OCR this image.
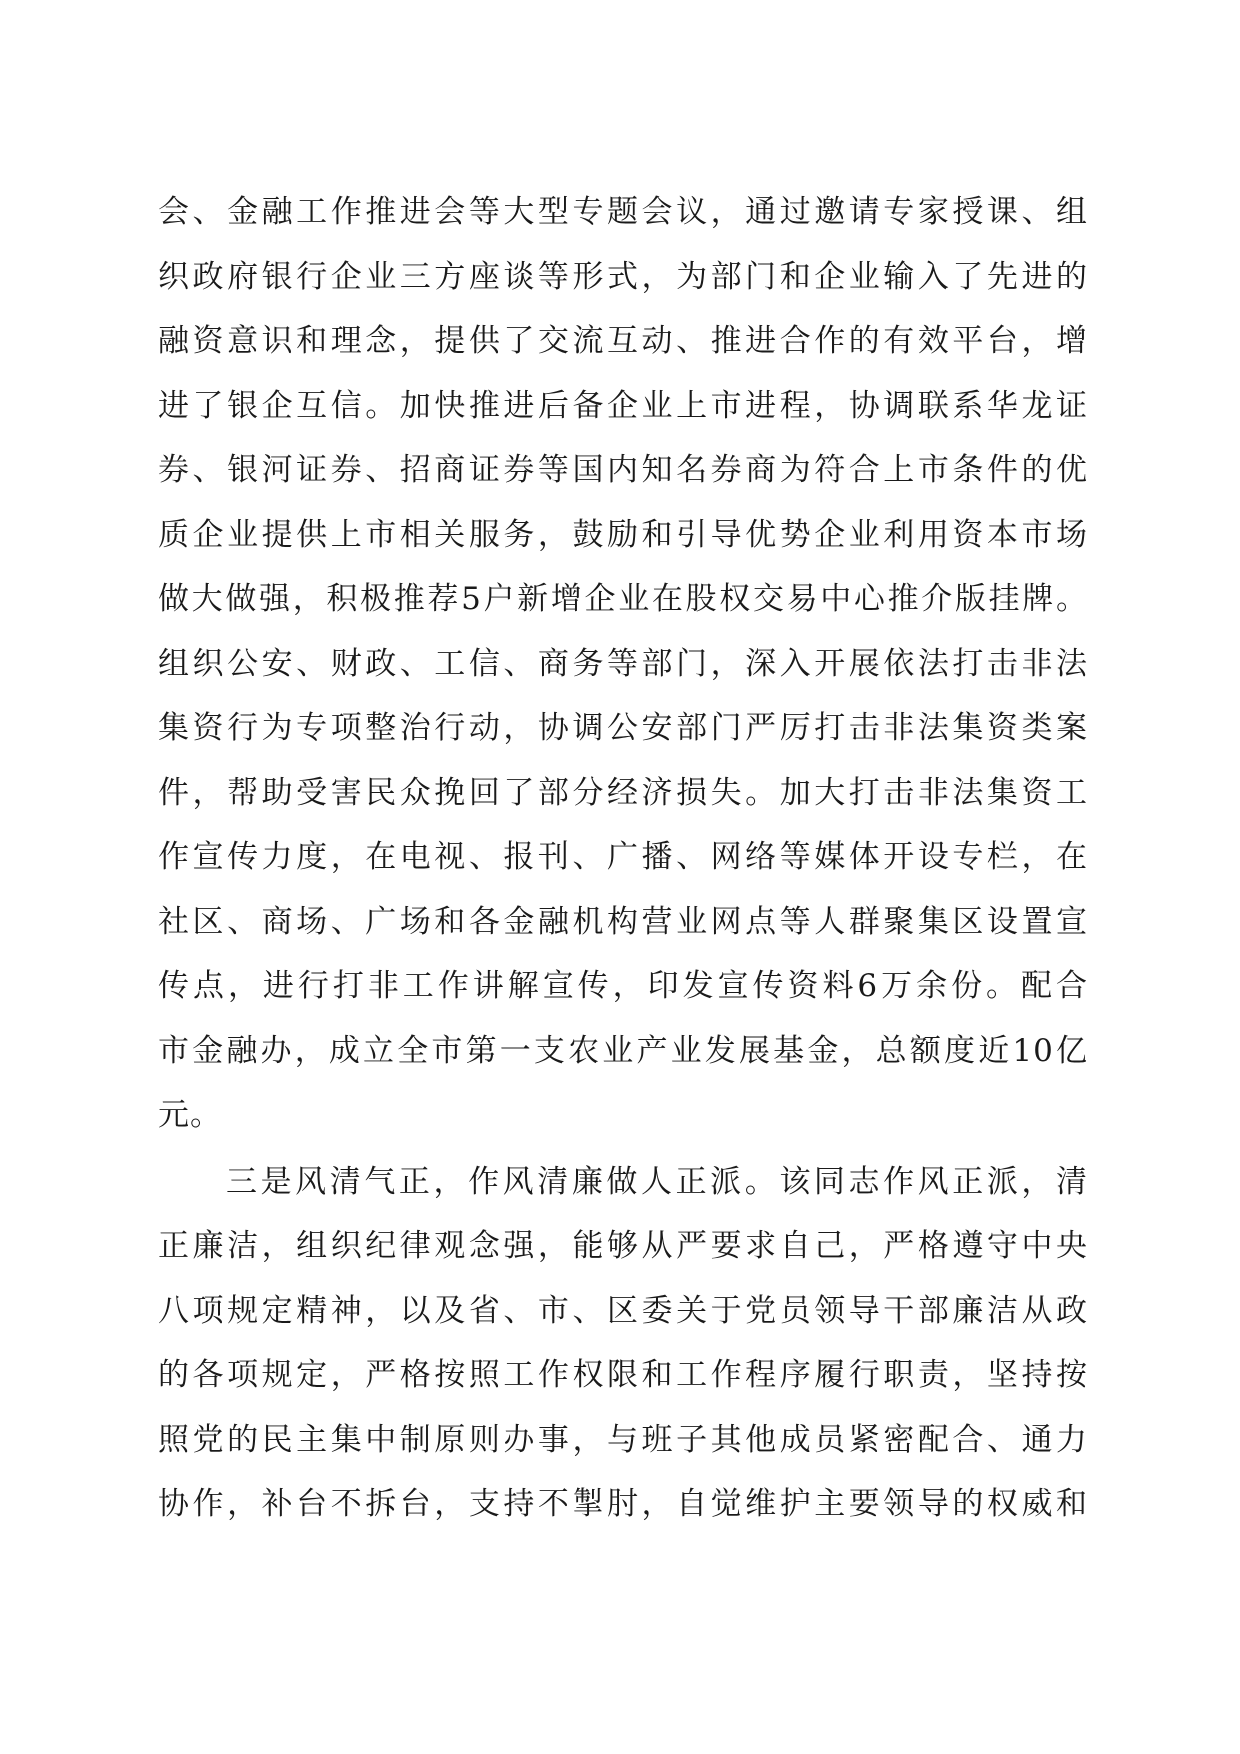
会、金融工作推进会等大型专题会议，通过邀请专家授课、组
织政府银行企业三方座谈等形式，为部门和企业输入了先进的
融资意识和理念，提供了交流互动、推进合作的有效平台，增
进了银企互信。加快推进后备企业上市进程，协调联系华龙证
券、银河证券、招商证券等国内知名券商为符合上市条件的优
质企业提供上市相关服务，鼓励和引导优势企业利用资本市场
做大做强，积极推荐5户新增企业在股权交易中心推介版挂牌。
组织公安、财政、工信、商务等部门，深入开展依法打击非法
集资行为专项整治行动，协调公安部门严厉打击非法集资类案
件，帮助受害民众挽回了部分经济损失。加大打击非法集资工
作宣传力度，在电视、报刊、广播、网络等媒体开设专栏，在
社区、商场、广场和各金融机构营业网点等人群聚集区设置宣
传点，进行打非工作讲解宣传，印发宣传资料6万余份。配合
市金融办，成立全市第一支农业产业发展基金，总额度近10亿
元。
三是风清气正，作风清廉做人正派。该同志作风正派，清
正廉洁，组织纪律观念强，能够从严要求自己，严格遵守中央
八项规定精神，以及省、市、区委关于党员领导干部廉洁从政
的各项规定，严格按照工作权限和工作程序履行职责，坚持按
照党的民主集中制原则办事，与班子其他成员紧密配合、通力
协作，补台不拆台，支持不掣肘，自觉维护主要领导的权威和
